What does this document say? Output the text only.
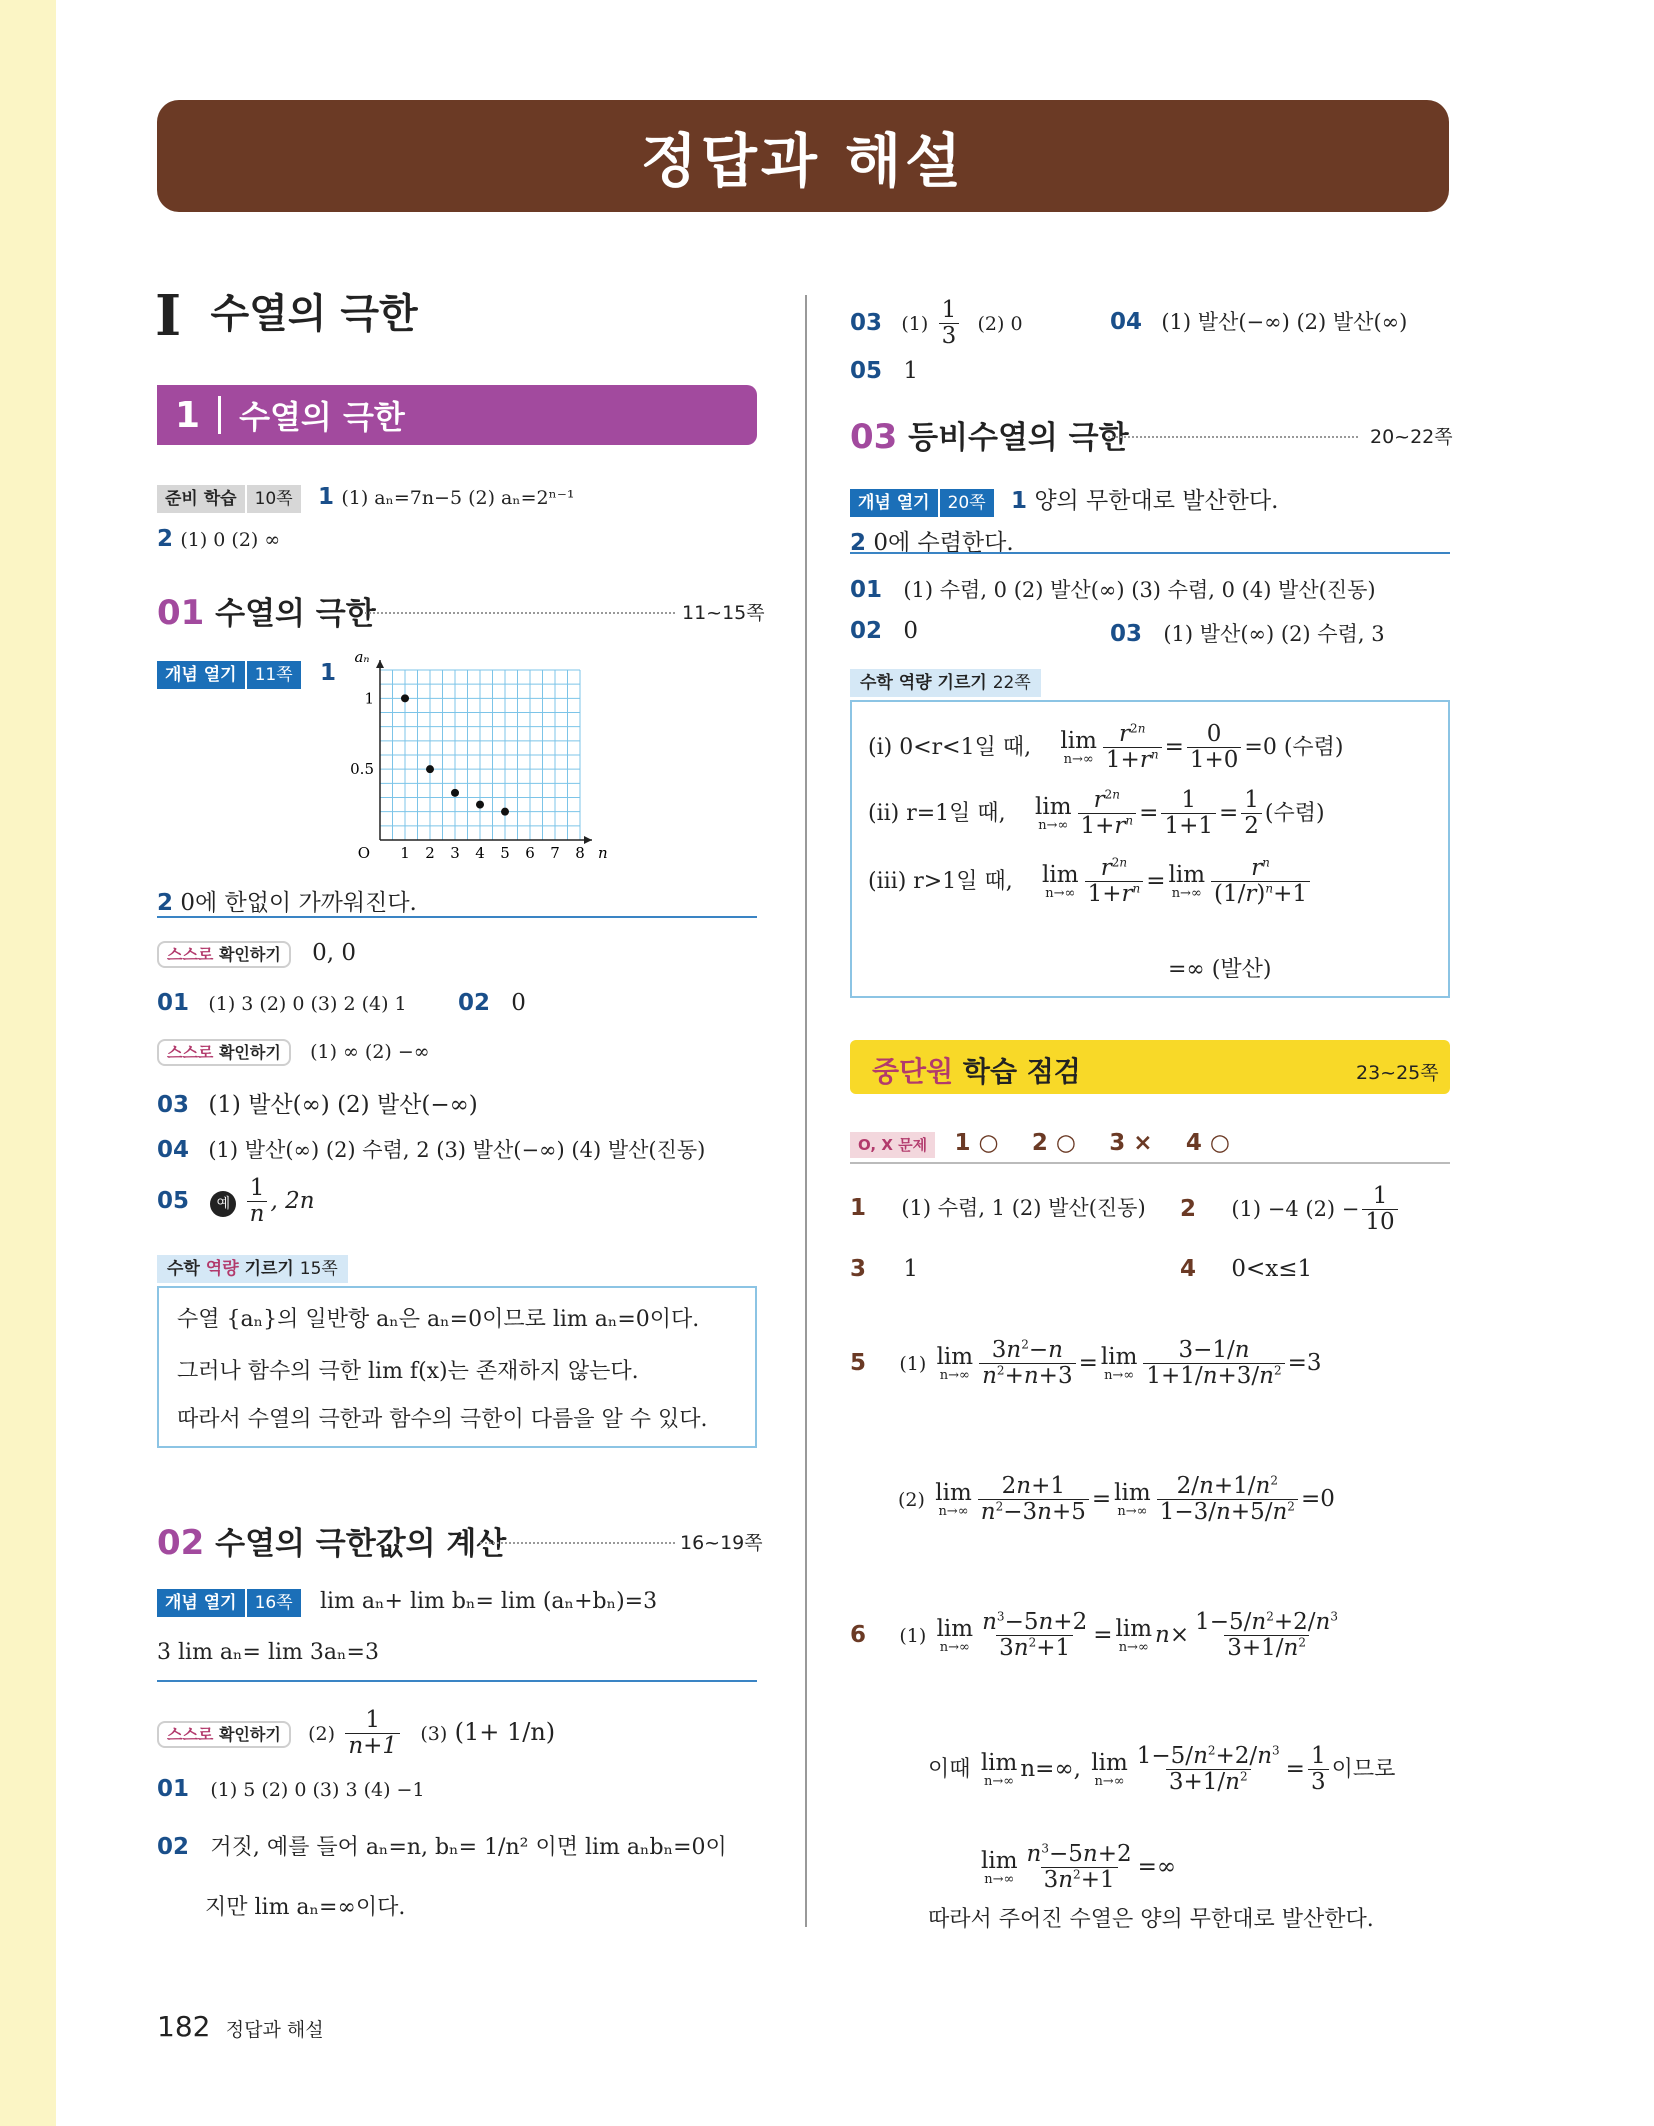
정답과 해설
I 수열의 극한
1 수열의 극한
준비 학습 10쪽 1 (1) aₙ=7n−5 (2) aₙ=2ⁿ⁻¹
2 (1) 0 (2) ∞
01 수열의 극한	11~15쪽
개념 열기 11쪽 1
1 2 3 4 5 6 7 8
1
0.5
O	n
aₙ
2 0에 한없이 가까워진다.
스스로 확인하기 0, 0
01 (1) 3 (2) 0 (3) 2 (4) 1 02 0
스스로 확인하기 (1) ∞ (2) −∞
03 (1) 발산(∞) (2) 발산(−∞)
04 (1) 발산(∞) (2) 수렴, 2 (3) 발산(−∞) (4) 발산(진동)
05 예 $\frac{1}{n}$ , 2n
수학 역량 기르기 15쪽
수열 {aₙ}의 일반항 aₙ은 aₙ=0이므로 lim aₙ=0이다.
그러나 함수의 극한 lim f(x)는 존재하지 않는다.
따라서 수열의 극한과 함수의 극한이 다름을 알 수 있다.
02 수열의 극한값의 계산	16~19쪽
개념 열기 16쪽 lim aₙ+ lim bₙ= lim (aₙ+bₙ)=3
3 lim aₙ= lim 3aₙ=3
스스로 확인하기 $(2) \frac{1}{n+1} (3)$ (1+ 1/n)
01 (1) 5 (2) 0 (3) 3 (4) −1
02 거짓, 예를 들어 aₙ=n, bₙ= 1/n² 이면 lim aₙbₙ=0이
지만 lim aₙ=∞이다.
182 정답과 해설
03 $(1) \frac{1}{3} (2)$ 0	04 (1) 발산(−∞) (2) 발산(∞)
05 1
03 등비수열의 극한	20~22쪽
개념 열기 20쪽 1 양의 무한대로 발산한다.
2 0에 수렴한다.
01 (1) 수렴, 0 (2) 발산(∞) (3) 수렴, 0 (4) 발산(진동)
02 0	03 (1) 발산(∞) (2) 수렴, 3
수학 역량 기르기 22쪽
(ⅰ) 0<r<1일 때, lim
$n\to\infty \frac{r^{2n}}{1+r^n} = \frac{0}{1+0} =0$ (수렴)
(ⅱ) r=1일 때, lim
$n\to\infty \frac{r^{2n}}{1+r^n} = \frac{1}{1+1} = \frac{1}{2}$ (수렴)
(ⅲ) r>1일 때, lim
$n\to\infty \frac{r^{2n}}{1+r^n} = \lim$
$n\to\infty \frac{r^n}{(1/r)^n+1}$
=∞ (발산)
중단원 학습 점검	23~25쪽
O, X 문제 1 ○ 2 ○ 3 × 4 ○
1 (1) 수렴, 1 (2) 발산(진동) 2 (1) −4 $(2) - \frac{1}{10}$
3 1	4 0<x≤1
5 (1) lim
$n\to\infty \frac{3n^2-n}{n^2+n+3} = \lim$
$n\to\infty \frac{3-1/n}{1+1/n+3/n^2} =3$
(2) lim
$n\to\infty \frac{2n+1}{n^2-3n+5} = \lim$
$n\to\infty \frac{2/n+1/n^2}{1-3/n+5/n^2} =0$
6 (1) lim
$n\to\infty \frac{n^3-5n+2}{3n^2+1} = \lim$
n→∞ $n\times \frac{1-5/n^2+2/n^3}{3+1/n^2}$
이때 lim
n→∞ n=∞, lim
$n\to\infty \frac{1-5/n^2+2/n^3}{3+1/n^2} = \frac{1}{3}$ 이므로
lim
$n\to\infty \frac{n^3-5n+2}{3n^2+1}$ =∞
따라서 주어진 수열은 양의 무한대로 발산한다.
